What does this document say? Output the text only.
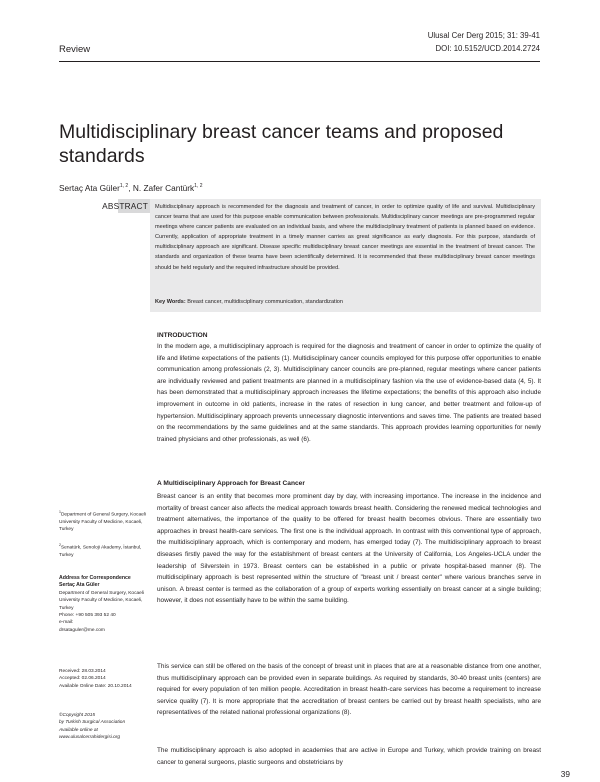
Review
Ulusal Cer Derg 2015; 31: 39-41
DOI: 10.5152/UCD.2014.2724
Multidisciplinary breast cancer teams and proposed standards
Sertaç Ata Güler$^{1, 2}$, N. Zafer Cantürk$^{1, 2}$
ABSTRACT Multidisciplinary approach is recommended for the diagnosis and treatment of cancer, in order to optimize quality of life and survival. Multidisciplinary cancer teams that are used for this purpose enable communication between professionals. Multidisciplinary cancer meetings are pre-programmed regular meetings where cancer patients are evaluated on an individual basis, and where the multidisciplinary treatment of patients is planned based on evidence. Currently, application of appropriate treatment in a timely manner carries as great significance as early diagnosis. For this purpose, standards of multidisciplinary approach are significant. Disease specific multidisciplinary breast cancer meetings are essential in the treatment of breast cancer. The standards and organization of these teams have been scientifically determined. It is recommended that these multidisciplinary breast cancer meetings should be held regularly and the required infrastructure should be provided.
Key Words: Breast cancer, multidisciplinary communication, standardization
INTRODUCTION
In the modern age, a multidisciplinary approach is required for the diagnosis and treatment of cancer in order to optimize the quality of life and lifetime expectations of the patients (1). Multidisciplinary cancer councils employed for this purpose offer opportunities to enable communication among professionals (2, 3). Multidisciplinary cancer councils are pre-planned, regular meetings where cancer patients are individually reviewed and patient treatments are planned in a multidisciplinary fashion via the use of evidence-based data (4, 5). It has been demonstrated that a multidisciplinary approach increases the lifetime expectations; the benefits of this approach also include improvement in outcome in old patients, increase in the rates of resection in lung cancer, and better treatment and follow-up of hypertension. Multidisciplinary approach prevents unnecessary diagnostic interventions and saves time. The patients are treated based on the recommendations by the same guidelines and at the same standards. This approach provides learning opportunities for newly trained physicians and other professionals, as well (6).
A Multidisciplinary Approach for Breast Cancer
Breast cancer is an entity that becomes more prominent day by day, with increasing importance. The increase in the incidence and mortality of breast cancer also affects the medical approach towards breast health. Considering the renewed medical technologies and treatment alternatives, the importance of the quality to be offered for breast health becomes obvious. There are essentially two approaches in breast health-care services. The first one is the individual approach. In contrast with this conventional type of approach, the multidisciplinary approach, which is contemporary and modern, has emerged today (7). The multidisciplinary approach to breast diseases firstly paved the way for the establishment of breast centers at the University of California, Los Angeles-UCLA under the leadership of Silverstein in 1973. Breast centers can be established in a public or private hospital-based manner (8). The multidisciplinary approach is best represented within the structure of "breast unit / breast center" where various branches serve in unison. A breast center is termed as the collaboration of a group of experts working essentially on breast cancer at a single building; however, it does not essentially have to be within the same building.
This service can still be offered on the basis of the concept of breast unit in places that are at a reasonable distance from one another, thus multidisciplinary approach can be provided even in separate buildings. As required by standards, 30-40 breast units (centers) are required for every population of ten million people. Accreditation in breast health-care services has become a requirement to increase service quality (7). It is more appropriate that the accreditation of breast centers be carried out by breast health specialists, who are representatives of the related national professional organizations (8).
The multidisciplinary approach is also adopted in academies that are active in Europe and Turkey, which provide training on breast cancer to general surgeons, plastic surgeons and obstetricians by
$^1$Department of General Surgery, Kocaeli University Faculty of Medicine, Kocaeli, Turkey
$^2$Senatürk, Senoloji Akademy, İstanbul, Turkey
Address for Correspondence
Sertaç Ata Güler
Department of General Surgery, Kocaeli University Faculty of Medicine, Kocaeli, Turkey
Phone: +90 505 393 52 40
e-mail:
drsataguler@me.com
Received: 28.03.2014
Accepted: 02.06.2014
Available Online Date: 20.10.2014
©Copyright 2015
by Turkish Surgical Association
Available online at
www.ulusalcerrahidergisi.org
39
